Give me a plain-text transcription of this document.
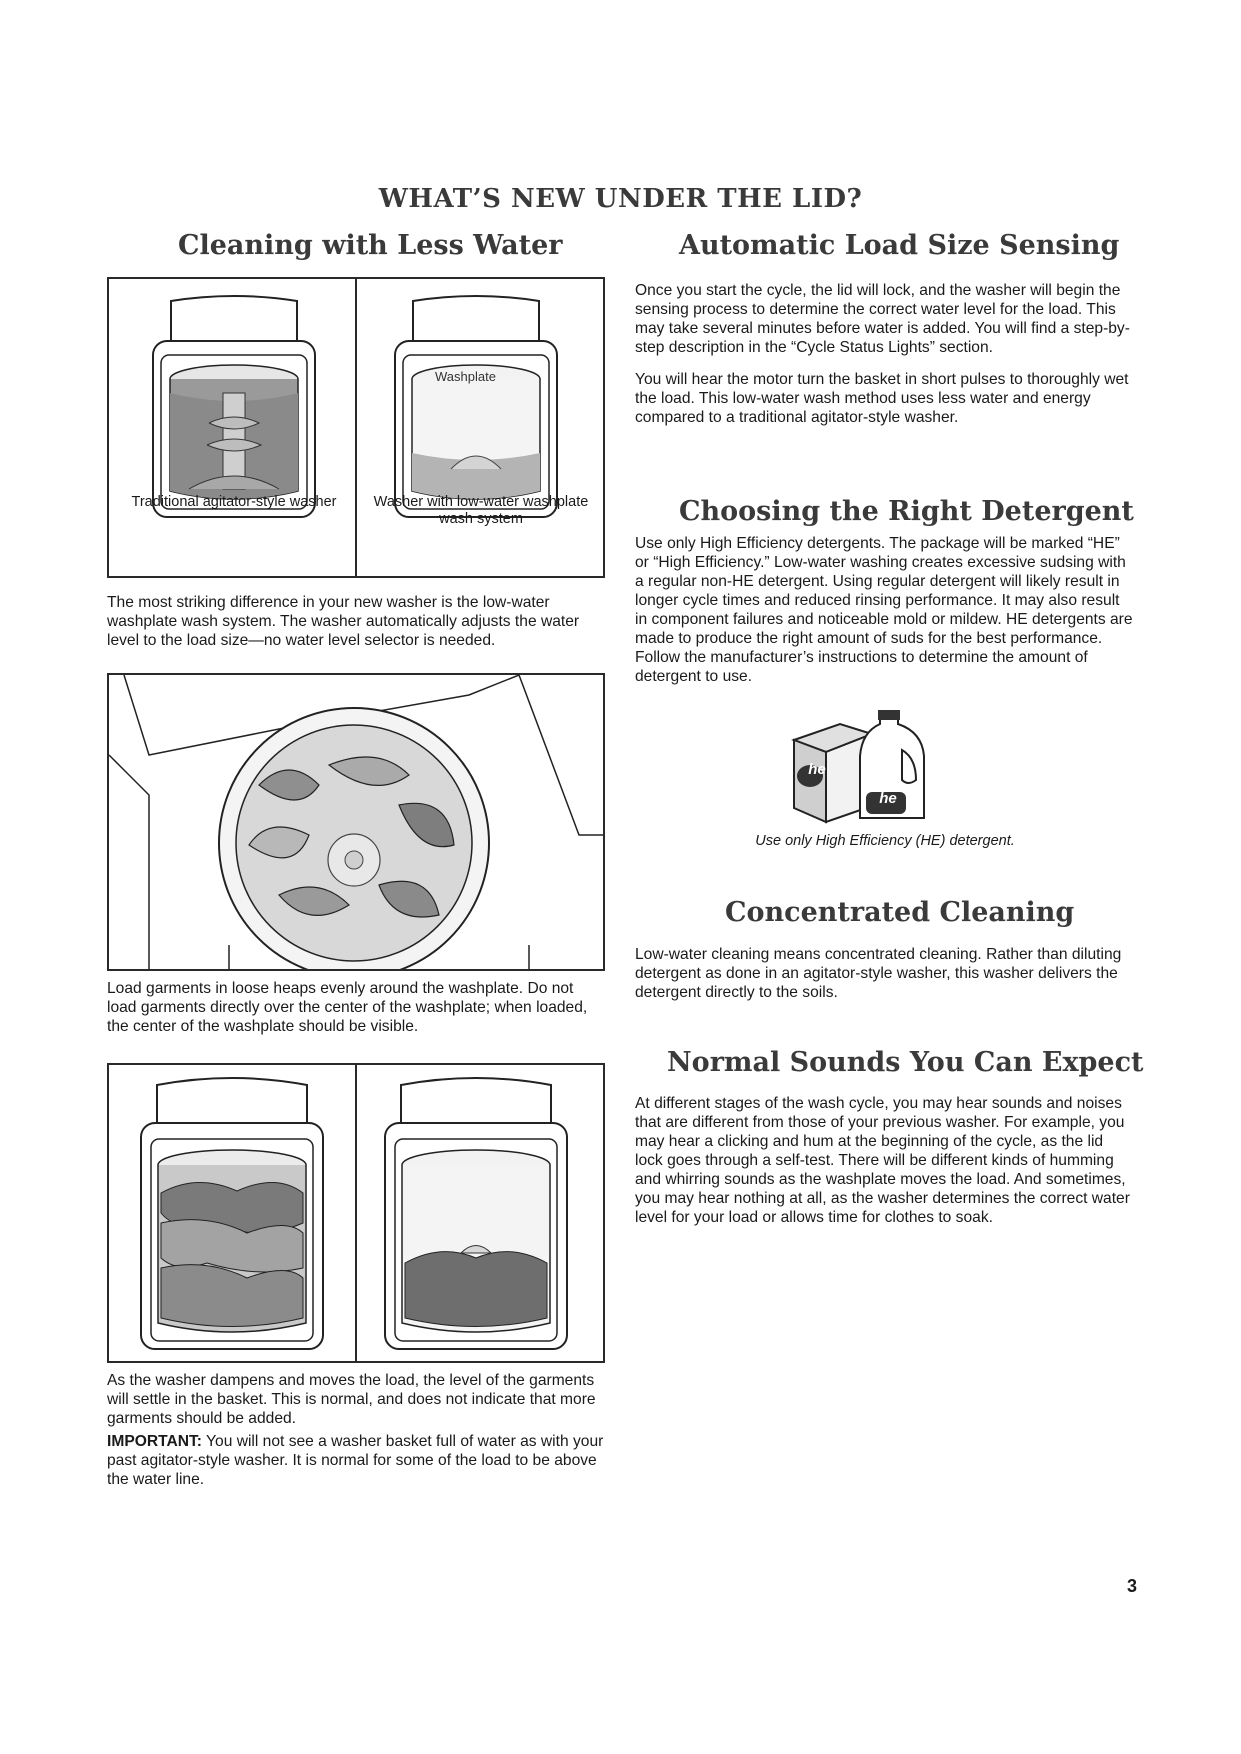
WHAT’S NEW UNDER THE LID?
Cleaning with Less Water
Traditional agitator-style washer
Washplate
Washer with low-water washplate wash system

The most striking difference in your new washer is the low-water washplate wash system. The washer automatically adjusts the water level to the load size—no water level selector is needed.

Load garments in loose heaps evenly around the washplate. Do not load garments directly over the center of the washplate; when loaded, the center of the washplate should be visible.

As the washer dampens and moves the load, the level of the garments will settle in the basket. This is normal, and does not indicate that more garments should be added.

IMPORTANT: You will not see a washer basket full of water as with your past agitator-style washer. It is normal for some of the load to be above the water line.

Automatic Load Size Sensing

Once you start the cycle, the lid will lock, and the washer will begin the sensing process to determine the correct water level for the load. This may take several minutes before water is added. You will find a step-by-step description in the “Cycle Status Lights” section.

You will hear the motor turn the basket in short pulses to thoroughly wet the load. This low-water wash method uses less water and energy compared to a traditional agitator-style washer.

Choosing the Right Detergent

Use only High Efficiency detergents. The package will be marked “HE” or “High Efficiency.” Low-water washing creates excessive sudsing with a regular non-HE detergent. Using regular detergent will likely result in longer cycle times and reduced rinsing performance. It may also result in component failures and noticeable mold or mildew. HE detergents are made to produce the right amount of suds for the best performance. Follow the manufacturer’s instructions to determine the amount of detergent to use.

he
he
Use only High Efficiency (HE) detergent.
Concentrated Cleaning

Low-water cleaning means concentrated cleaning. Rather than diluting detergent as done in an agitator-style washer, this washer delivers the detergent directly to the soils.

Normal Sounds You Can Expect

At different stages of the wash cycle, you may hear sounds and noises that are different from those of your previous washer. For example, you may hear a clicking and hum at the beginning of the cycle, as the lid lock goes through a self-test. There will be different kinds of humming and whirring sounds as the washplate moves the load. And sometimes, you may hear nothing at all, as the washer determines the correct water level for your load or allows time for clothes to soak.

3
